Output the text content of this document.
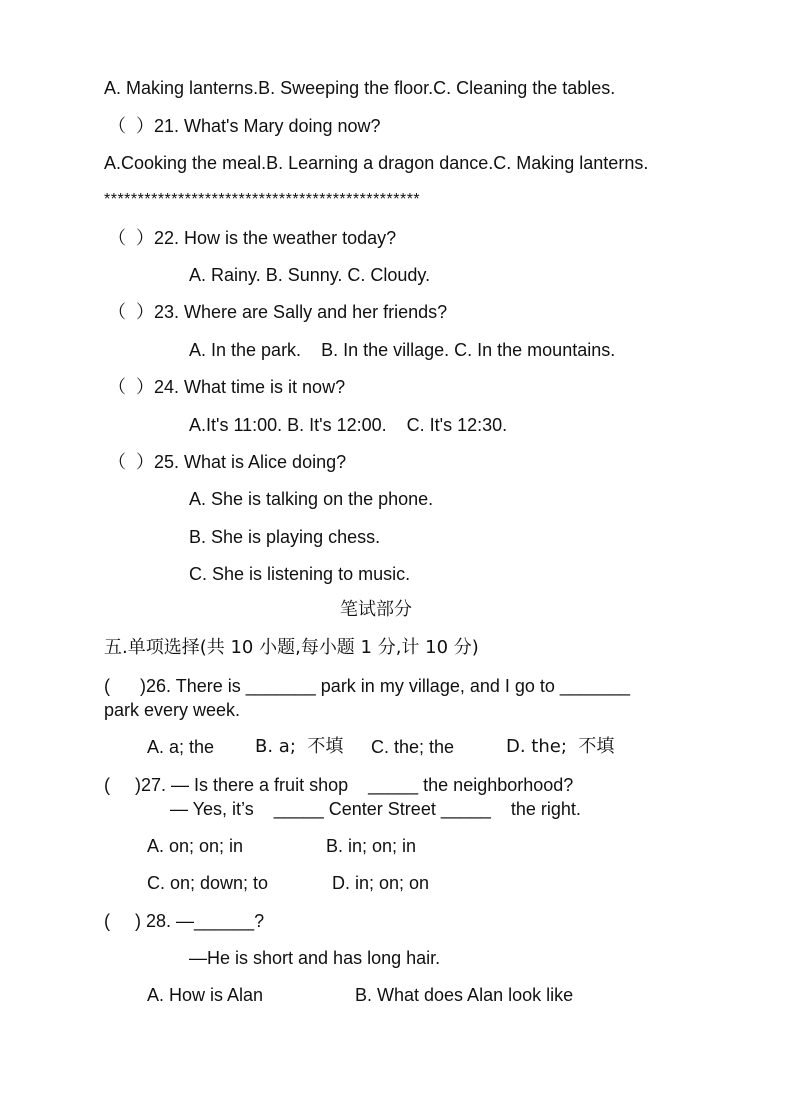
A. Making lanterns.B. Sweeping the floor.C. Cleaning the tables.
（  ）21. What's Mary doing now?
A.Cooking the meal.B. Learning a dragon dance.C. Making lanterns.
***********************************************
（  ）22. How is the weather today?
A. Rainy. B. Sunny. C. Cloudy.
（  ）23. Where are Sally and her friends?
A. In the park.    B. In the village. C. In the mountains.
（  ）24. What time is it now?
A.It's 11:00. B. It's 12:00.    C. It's 12:30.
（  ）25. What is Alice doing?
A. She is talking on the phone.
B. She is playing chess.
C. She is listening to music.
笔试部分
五.单项选择(共 10 小题,每小题 1 分,计 10 分)
(      )26. There is _______ park in my village, and I go to _______
park every week.
A. a; the B. a;  不填 C. the; the	D. the;  不填
(     )27. — Is there a fruit shop    _____ the neighborhood?
— Yes, it’s    _____ Center Street _____    the right.
A. on; on; in	B. in; on; in
C. on; down; to	D. in; on; on
(     ) 28. —______?
—He is short and has long hair.
A. How is Alan	B. What does Alan look like
